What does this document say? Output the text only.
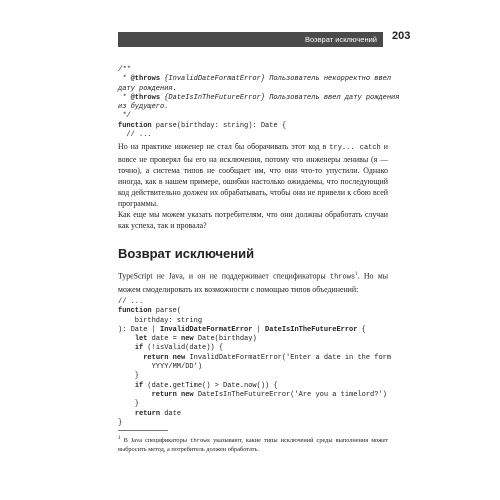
Возврат исключений	203
/**
* @throws {InvalidDateFormatError} Пользователь некорректно ввел
дату рождения.
* @throws {DateIsInTheFutureError} Пользователь ввел дату рождения
из будущего.
*/
function parse(birthday: string): Date {
// ...

Но на практике инженер не стал бы оборачивать этот код в try... catch и вовсе не проверял бы его на исключения, потому что инженеры ленивы (я — точно), а система типов не сообщает им, что они что-то упустили. Однако иногда, как в нашем примере, ошибки настолько ожидаемы, что последующий код действительно должен их обрабатывать, чтобы они не привели к сбою всей программы.

Как еще мы можем указать потребителям, что они должны обработать случаи как успеха, так и провала?

Возврат исключений

TypeScript не Java, и он не поддерживает спецификаторы throws$^1$. Но мы можем смоделировать их возможности с помощью типов объединений:

// ...
function parse(
birthday: string
): Date | InvalidDateFormatError | DateIsInTheFutureError {
let date = new Date(birthday)
if (!isValid(date)) {
return new InvalidDateFormatError('Enter a date in the form
YYYY/MM/DD')
}
if (date.getTime() > Date.now()) {
return new DateIsInTheFutureError('Are you a timelord?')
}
return date
}

$^1$ В Java спецификаторы throws указывают, какие типы исключений среды выполнения может выбросить метод, а потребитель должен обработать.
